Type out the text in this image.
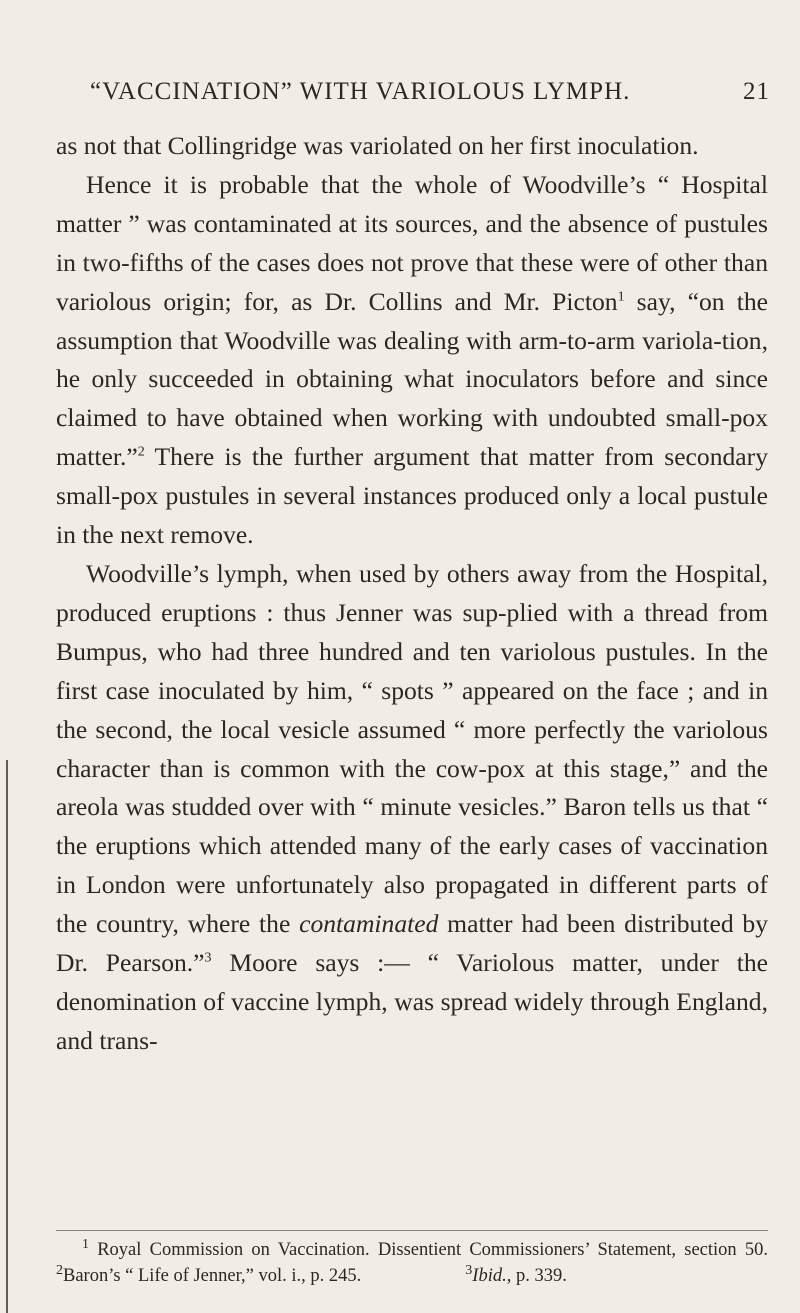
“VACCINATION” WITH VARIOLOUS LYMPH.	21

as not that Collingridge was variolated on her first inoculation.

Hence it is probable that the whole of Woodville’s “ Hospital matter ” was contaminated at its sources, and the absence of pustules in two-fifths of the cases does not prove that these were of other than variolous origin; for, as Dr. Collins and Mr. Picton$^1$ say, “on the assumption that Woodville was dealing with arm-to-arm variola-tion, he only succeeded in obtaining what inoculators before and since claimed to have obtained when working with undoubted small-pox matter.”$^2$ There is the further argument that matter from secondary small-pox pustules in several instances produced only a local pustule in the next remove.

Woodville’s lymph, when used by others away from the Hospital, produced eruptions : thus Jenner was sup-plied with a thread from Bumpus, who had three hundred and ten variolous pustules. In the first case inoculated by him, “ spots ” appeared on the face ; and in the second, the local vesicle assumed “ more perfectly the variolous character than is common with the cow-pox at this stage,” and the areola was studded over with “ minute vesicles.” Baron tells us that “ the eruptions which attended many of the early cases of vaccination in London were unfortunately also propagated in different parts of the country, where the contaminated matter had been distributed by Dr. Pearson.”$^3$ Moore says :— “ Variolous matter, under the denomination of vaccine lymph, was spread widely through England, and trans-

$^1$ Royal Commission on Vaccination. Dissentient Commissioners’ Statement, section 50.
$^2$Baron’s “ Life of Jenner,” vol. i., p. 245.	$^3$Ibid., p. 339.
